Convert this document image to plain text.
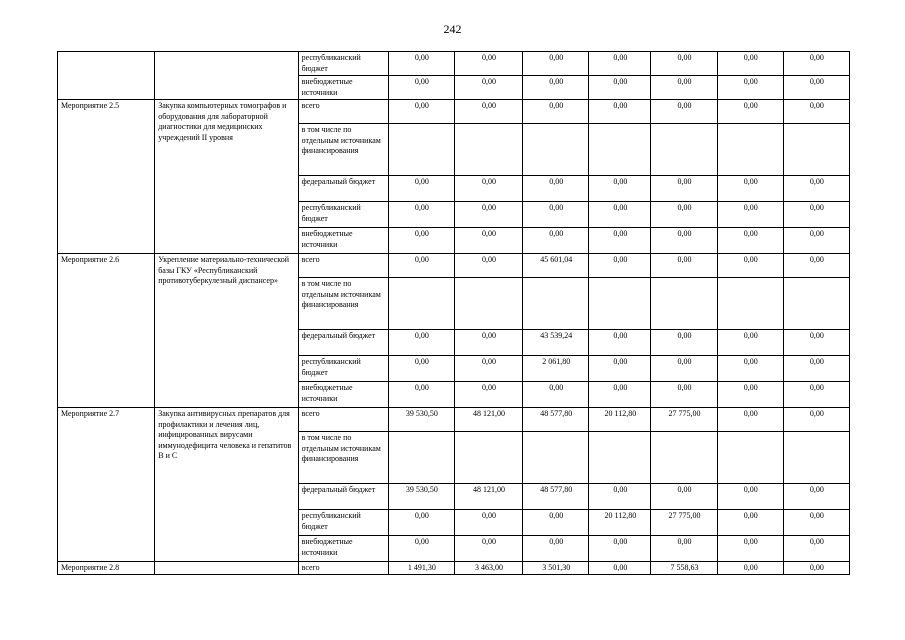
242
		республиканский бюджет	0,00	0,00	0,00	0,00	0,00	0,00	0,00
		внебюджетные источники	0,00	0,00	0,00	0,00	0,00	0,00	0,00
Мероприятие 2.5	Закупка компьютерных томографов и оборудования для лабораторной диагностики для медицинских учреждений II уровня	всего	0,00	0,00	0,00	0,00	0,00	0,00	0,00
		в том числе по отдельным источникам финансирования							
		федеральный бюджет	0,00	0,00	0,00	0,00	0,00	0,00	0,00
		республиканский бюджет	0,00	0,00	0,00	0,00	0,00	0,00	0,00
		внебюджетные источники	0,00	0,00	0,00	0,00	0,00	0,00	0,00
Мероприятие 2.6	Укрепление материально-технической базы ГКУ «Республиканский противотуберкулезный диспансер»	всего	0,00	0,00	45 601,04	0,00	0,00	0,00	0,00
		в том числе по отдельным источникам финансирования							
		федеральный бюджет	0,00	0,00	43 539,24	0,00	0,00	0,00	0,00
		республиканский бюджет	0,00	0,00	2 061,80	0,00	0,00	0,00	0,00
		внебюджетные источники	0,00	0,00	0,00	0,00	0,00	0,00	0,00
Мероприятие 2.7	Закупка антивирусных препаратов для профилактики и лечения лиц, инфицированных вирусами иммунодефицита человека и гепатитов В и С	всего	39 530,50	48 121,00	48 577,80	20 112,80	27 775,00	0,00	0,00
		в том числе по отдельным источникам финансирования							
		федеральный бюджет	39 530,50	48 121,00	48 577,80	0,00	0,00	0,00	0,00
		республиканский бюджет	0,00	0,00	0,00	20 112,80	27 775,00	0,00	0,00
		внебюджетные источники	0,00	0,00	0,00	0,00	0,00	0,00	0,00
Мероприятие 2.8		всего	1 491,30	3 463,00	3 501,30	0,00	7 558,63	0,00	0,00
